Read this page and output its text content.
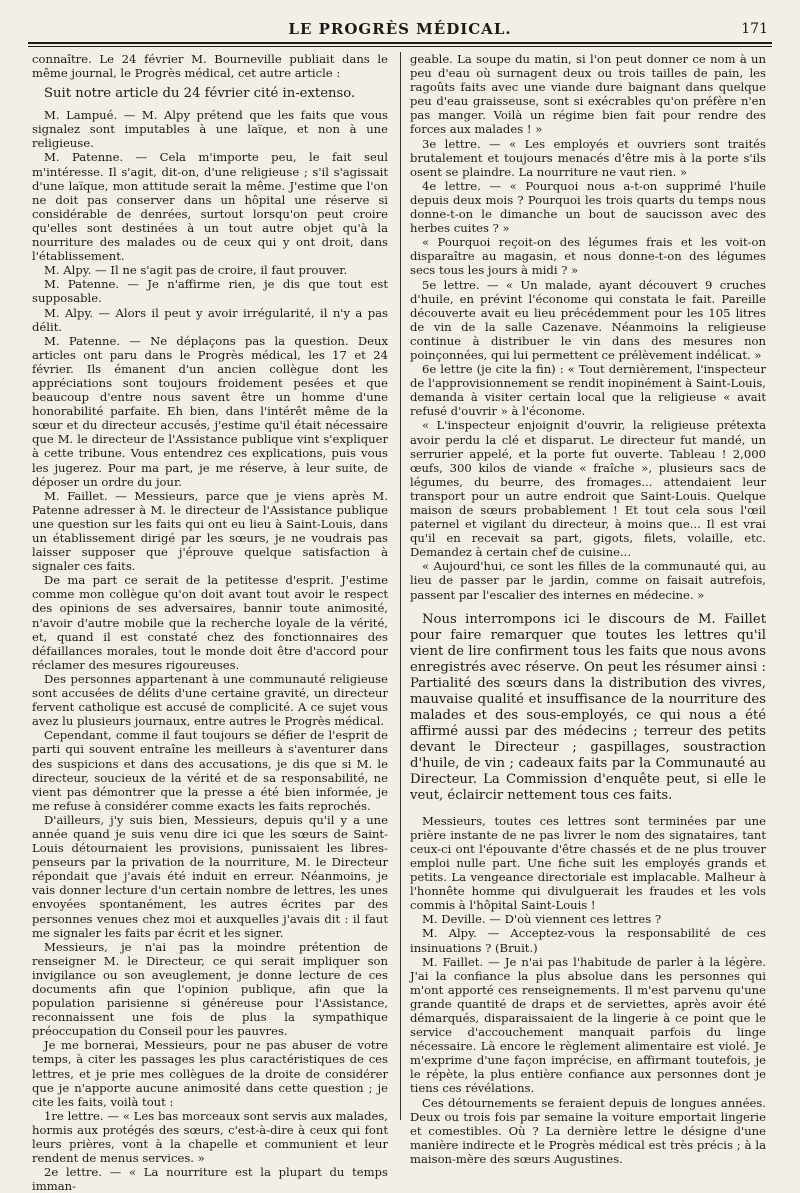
LE PROGRÈS MÉDICAL.	171

connaître. Le 24 février M. Bourneville publiait dans le même journal, le Progrès médical, cet autre article :

Suit notre article du 24 février cité in-extenso.

M. Lampué. — M. Alpy prétend que les faits que vous signalez sont imputables à une laïque, et non à une religieuse.

M. Patenne. — Cela m'importe peu, le fait seul m'intéresse. Il s'agit, dit-on, d'une religieuse ; s'il s'agissait d'une laïque, mon attitude serait la même. J'estime que l'on ne doit pas conserver dans un hôpital une réserve si considérable de denrées, surtout lorsqu'on peut croire qu'elles sont destinées à un tout autre objet qu'à la nourriture des malades ou de ceux qui y ont droit, dans l'établissement.

M. Alpy. — Il ne s'agit pas de croire, il faut prouver.

M. Patenne. — Je n'affirme rien, je dis que tout est supposable.

M. Alpy. — Alors il peut y avoir irrégularité, il n'y a pas délit.

M. Patenne. — Ne déplaçons pas la question. Deux articles ont paru dans le Progrès médical, les 17 et 24 février. Ils émanent d'un ancien collègue dont les appréciations sont toujours froidement pesées et que beaucoup d'entre nous savent être un homme d'une honorabilité parfaite. Eh bien, dans l'intérêt même de la sœur et du directeur accusés, j'estime qu'il était nécessaire que M. le directeur de l'Assistance publique vint s'expliquer à cette tribune. Vous entendrez ces explications, puis vous les jugerez. Pour ma part, je me réserve, à leur suite, de déposer un ordre du jour.

M. Faillet. — Messieurs, parce que je viens après M. Patenne adresser à M. le directeur de l'Assistance publique une question sur les faits qui ont eu lieu à Saint-Louis, dans un établissement dirigé par les sœurs, je ne voudrais pas laisser supposer que j'éprouve quelque satisfaction à signaler ces faits.

De ma part ce serait de la petitesse d'esprit. J'estime comme mon collègue qu'on doit avant tout avoir le respect des opinions de ses adversaires, bannir toute animosité, n'avoir d'autre mobile que la recherche loyale de la vérité, et, quand il est constaté chez des fonctionnaires des défaillances morales, tout le monde doit être d'accord pour réclamer des mesures rigoureuses.

Des personnes appartenant à une communauté religieuse sont accusées de délits d'une certaine gravité, un directeur fervent catholique est accusé de complicité. A ce sujet vous avez lu plusieurs journaux, entre autres le Progrès médical.

Cependant, comme il faut toujours se défier de l'esprit de parti qui souvent entraîne les meilleurs à s'aventurer dans des suspicions et dans des accusations, je dis que si M. le directeur, soucieux de la vérité et de sa responsabilité, ne vient pas démontrer que la presse a été bien informée, je me refuse à considérer comme exacts les faits reprochés.

D'ailleurs, j'y suis bien, Messieurs, depuis qu'il y a une année quand je suis venu dire ici que les sœurs de Saint-Louis détournaient les provisions, punissaient les libres-penseurs par la privation de la nourriture, M. le Directeur répondait que j'avais été induit en erreur. Néanmoins, je vais donner lecture d'un certain nombre de lettres, les unes envoyées spontanément, les autres écrites par des personnes venues chez moi et auxquelles j'avais dit : il faut me signaler les faits par écrit et les signer.

Messieurs, je n'ai pas la moindre prétention de renseigner M. le Directeur, ce qui serait impliquer son invigilance ou son aveuglement, je donne lecture de ces documents afin que l'opinion publique, afin que la population parisienne si généreuse pour l'Assistance, reconnaissent une fois de plus la sympathique préoccupation du Conseil pour les pauvres.

Je me bornerai, Messieurs, pour ne pas abuser de votre temps, à citer les passages les plus caractéristiques de ces lettres, et je prie mes collègues de la droite de considérer que je n'apporte aucune animosité dans cette question ; je cite les faits, voilà tout :

1re lettre. — « Les bas morceaux sont servis aux malades, hormis aux protégés des sœurs, c'est-à-dire à ceux qui font leurs prières, vont à la chapelle et communient et leur rendent de menus services. »

2e lettre. — « La nourriture est la plupart du temps imman-

geable. La soupe du matin, si l'on peut donner ce nom à un peu d'eau où surnagent deux ou trois tailles de pain, les ragoûts faits avec une viande dure baignant dans quelque peu d'eau graisseuse, sont si exécrables qu'on préfère n'en pas manger. Voilà un régime bien fait pour rendre des forces aux malades ! »

3e lettre. — « Les employés et ouvriers sont traités brutalement et toujours menacés d'être mis à la porte s'ils osent se plaindre. La nourriture ne vaut rien. »

4e lettre. — « Pourquoi nous a-t-on supprimé l'huile depuis deux mois ? Pourquoi les trois quarts du temps nous donne-t-on le dimanche un bout de saucisson avec des herbes cuites ? »

« Pourquoi reçoit-on des légumes frais et les voit-on disparaître au magasin, et nous donne-t-on des légumes secs tous les jours à midi ? »

5e lettre. — « Un malade, ayant découvert 9 cruches d'huile, en prévint l'économe qui constata le fait. Pareille découverte avait eu lieu précédemment pour les 105 litres de vin de la salle Cazenave. Néanmoins la religieuse continue à distribuer le vin dans des mesures non poinçonnées, qui lui permettent ce prélèvement indélicat. »

6e lettre (je cite la fin) : « Tout dernièrement, l'inspecteur de l'approvisionnement se rendit inopinément à Saint-Louis, demanda à visiter certain local que la religieuse « avait refusé d'ouvrir » à l'économe.

« L'inspecteur enjoignit d'ouvrir, la religieuse prétexta avoir perdu la clé et disparut. Le directeur fut mandé, un serrurier appelé, et la porte fut ouverte. Tableau ! 2,000 œufs, 300 kilos de viande « fraîche », plusieurs sacs de légumes, du beurre, des fromages... attendaient leur transport pour un autre endroit que Saint-Louis. Quelque maison de sœurs probablement ! Et tout cela sous l'œil paternel et vigilant du directeur, à moins que... Il est vrai qu'il en recevait sa part, gigots, filets, volaille, etc. Demandez à certain chef de cuisine...

« Aujourd'hui, ce sont les filles de la communauté qui, au lieu de passer par le jardin, comme on faisait autrefois, passent par l'escalier des internes en médecine. »

Nous interrompons ici le discours de M. Faillet pour faire remarquer que toutes les lettres qu'il vient de lire confirment tous les faits que nous avons enregistrés avec réserve. On peut les résumer ainsi : Partialité des sœurs dans la distribution des vivres, mauvaise qualité et insuffisance de la nourriture des malades et des sous-employés, ce qui nous a été affirmé aussi par des médecins ; terreur des petits devant le Directeur ; gaspillages, soustraction d'huile, de vin ; cadeaux faits par la Communauté au Directeur. La Commission d'enquête peut, si elle le veut, éclaircir nettement tous ces faits.

Messieurs, toutes ces lettres sont terminées par une prière instante de ne pas livrer le nom des signataires, tant ceux-ci ont l'épouvante d'être chassés et de ne plus trouver emploi nulle part. Une fiche suit les employés grands et petits. La vengeance directoriale est implacable. Malheur à l'honnête homme qui divulguerait les fraudes et les vols commis à l'hôpital Saint-Louis !

M. Deville. — D'où viennent ces lettres ?

M. Alpy. — Acceptez-vous la responsabilité de ces insinuations ? (Bruit.)

M. Faillet. — Je n'ai pas l'habitude de parler à la légère. J'ai la confiance la plus absolue dans les personnes qui m'ont apporté ces renseignements. Il m'est parvenu qu'une grande quantité de draps et de serviettes, après avoir été démarqués, disparaissaient de la lingerie à ce point que le service d'accouchement manquait parfois du linge nécessaire. Là encore le règlement alimentaire est violé. Je m'exprime d'une façon imprécise, en affirmant toutefois, je le répète, la plus entière confiance aux personnes dont je tiens ces révélations.

Ces détournements se feraient depuis de longues années. Deux ou trois fois par semaine la voiture emportait lingerie et comestibles. Où ? La dernière lettre le désigne d'une manière indirecte et le Progrès médical est très précis ; à la maison-mère des sœurs Augustines.
